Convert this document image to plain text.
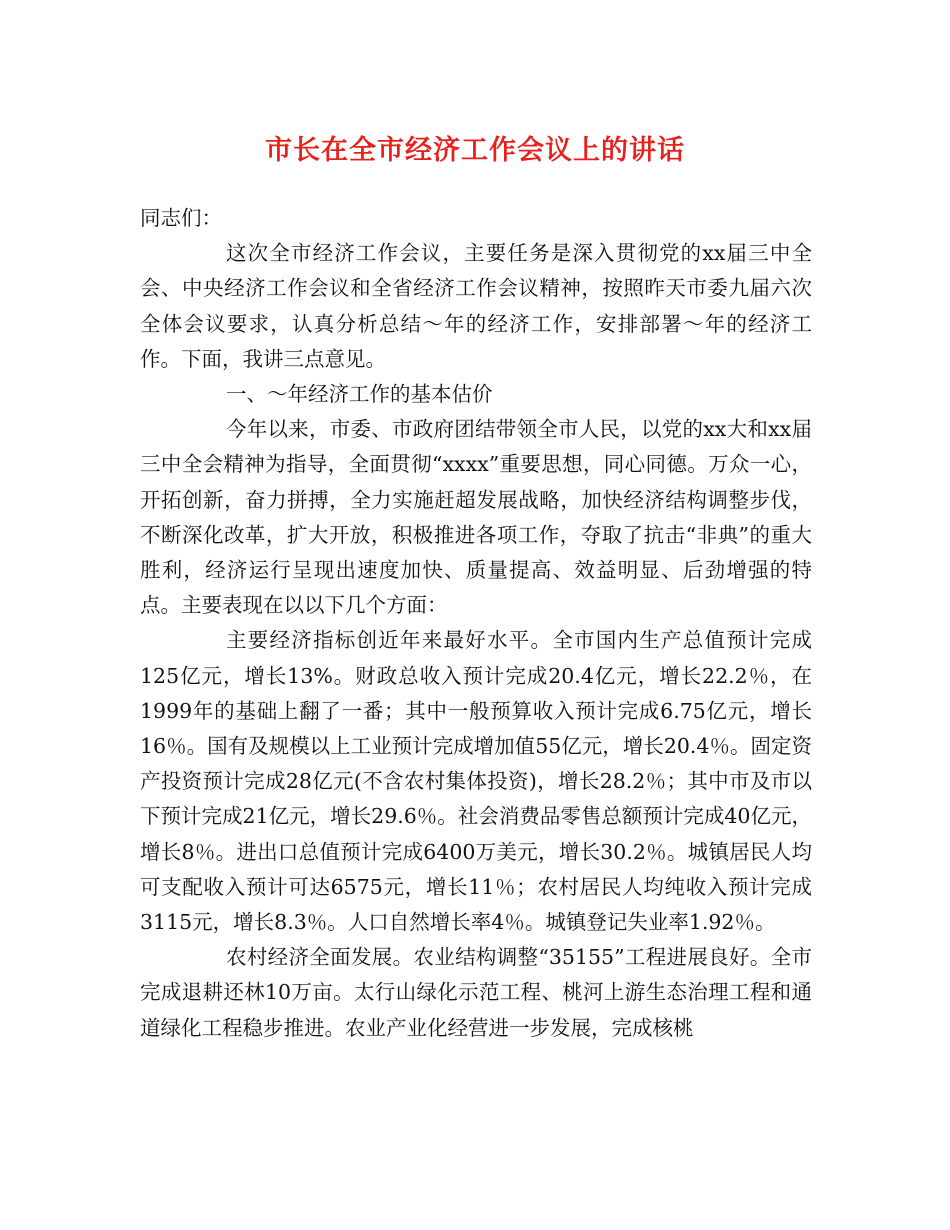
市长在全市经济工作会议上的讲话

同志们：

这次全市经济工作会议，主要任务是深入贯彻党的xx届三中全会、中央经济工作会议和全省经济工作会议精神，按照昨天市委九届六次全体会议要求，认真分析总结～年的经济工作，安排部署～年的经济工作。下面，我讲三点意见。

一、～年经济工作的基本估价

今年以来，市委、市政府团结带领全市人民，以党的xx大和xx届三中全会精神为指导，全面贯彻“xxxx”重要思想，同心同德。万众一心，开拓创新，奋力拼搏，全力实施赶超发展战略，加快经济结构调整步伐，不断深化改革，扩大开放，积极推进各项工作，夺取了抗击“非典”的重大胜利，经济运行呈现出速度加快、质量提高、效益明显、后劲增强的特点。主要表现在以以下几个方面：

主要经济指标创近年来最好水平。全市国内生产总值预计完成125亿元，增长13%。财政总收入预计完成20.4亿元，增长22.2％，在1999年的基础上翻了一番；其中一般预算收入预计完成6.75亿元，增长16％。国有及规模以上工业预计完成增加值55亿元，增长20.4％。固定资产投资预计完成28亿元(不含农村集体投资)，增长28.2％；其中市及市以下预计完成21亿元，增长29.6％。社会消费品零售总额预计完成40亿元，增长8％。进出口总值预计完成6400万美元，增长30.2％。城镇居民人均可支配收入预计可达6575元，增长11％；农村居民人均纯收入预计完成3115元，增长8.3％。人口自然增长率4％。城镇登记失业率1.92％。

农村经济全面发展。农业结构调整“35155”工程进展良好。全市完成退耕还林10万亩。太行山绿化示范工程、桃河上游生态治理工程和通道绿化工程稳步推进。农业产业化经营进一步发展，完成核桃
